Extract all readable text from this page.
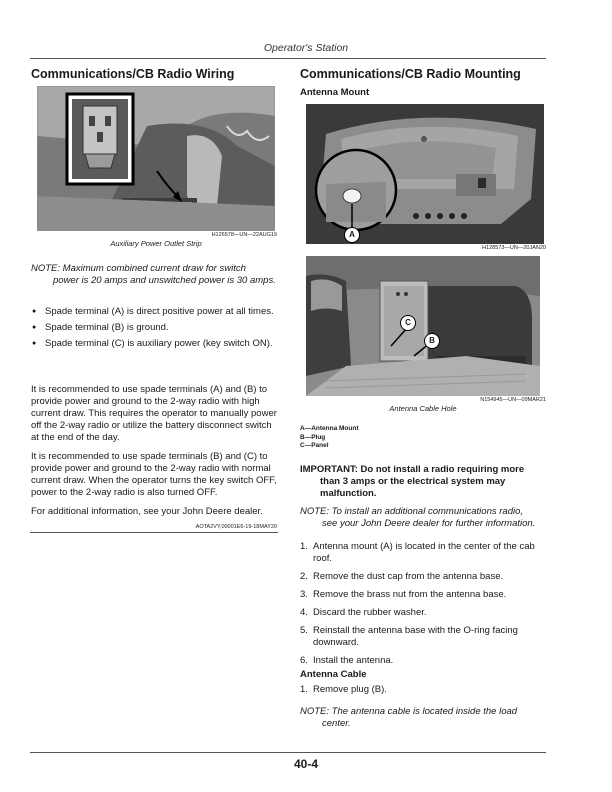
Operator's Station
Communications/CB Radio Wiring
H126578—UN—22AUG19
Auxiliary Power Outlet Strip

NOTE: Maximum combined current draw for switch
power is 20 amps and unswitched power is 30 amps.

● Spade terminal (A) is direct positive power at all times.
● Spade terminal (B) is ground.
● Spade terminal (C) is auxiliary power (key switch ON).

It is recommended to use spade terminals (A) and (B) to provide power and ground to the 2-way radio with high current draw. This requires the operator to manually power off the 2-way radio or utilize the battery disconnect switch at the end of the day.

It is recommended to use spade terminals (B) and (C) to provide power and ground to the 2-way radio with normal current draw. When the operator turns the key switch OFF, power to the 2-way radio is also turned OFF.

For additional information, see your John Deere dealer.

AOTA2VY,00001E6-19-18MAY20
Communications/CB Radio Mounting

Antenna Mount

A
H128573—UN—20JAN20
C
B
N154945—UN—09MAR21
Antenna Cable Hole

A—Antenna Mount

B—Plug

C—Panel

IMPORTANT: Do not install a radio requiring more
than 3 amps or the electrical system may malfunction.

NOTE: To install an additional communications radio,
see your John Deere dealer for further information.

1. Antenna mount (A) is located in the center of the cab roof.
2. Remove the dust cap from the antenna base.
3. Remove the brass nut from the antenna base.
4. Discard the rubber washer.
5. Reinstall the antenna base with the O-ring facing downward.
6. Install the antenna.

Antenna Cable

1. Remove plug (B).

NOTE: The antenna cable is located inside the load
center.

40-4
